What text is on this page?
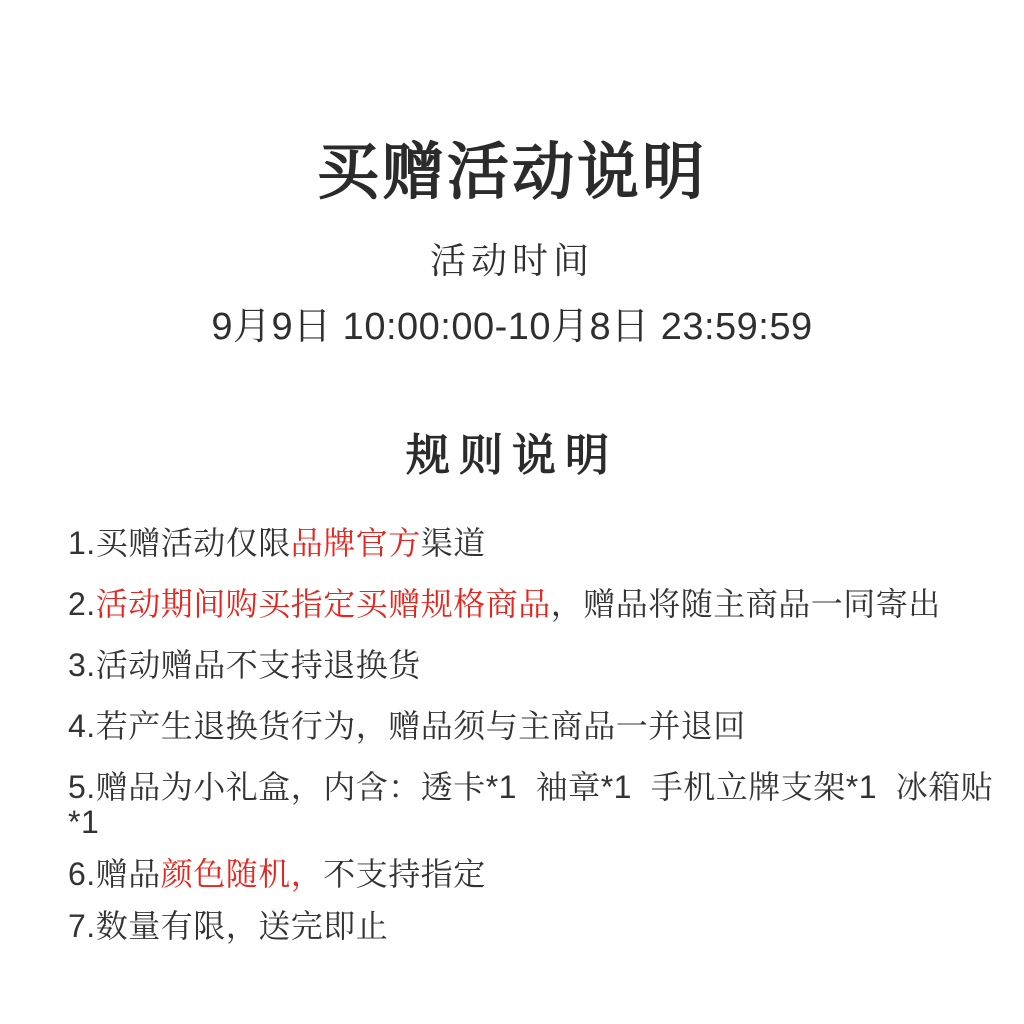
买赠活动说明
活动时间
9月9日 10:00:00-10月8日 23:59:59
规则说明
1.买赠活动仅限品牌官方渠道
2.活动期间购买指定买赠规格商品，赠品将随主商品一同寄出
3.活动赠品不支持退换货
4.若产生退换货行为，赠品须与主商品一并退回
5.赠品为小礼盒，内含：透卡*1  袖章*1  手机立牌支架*1  冰箱贴*1
6.赠品颜色随机，不支持指定
7.数量有限，送完即止
